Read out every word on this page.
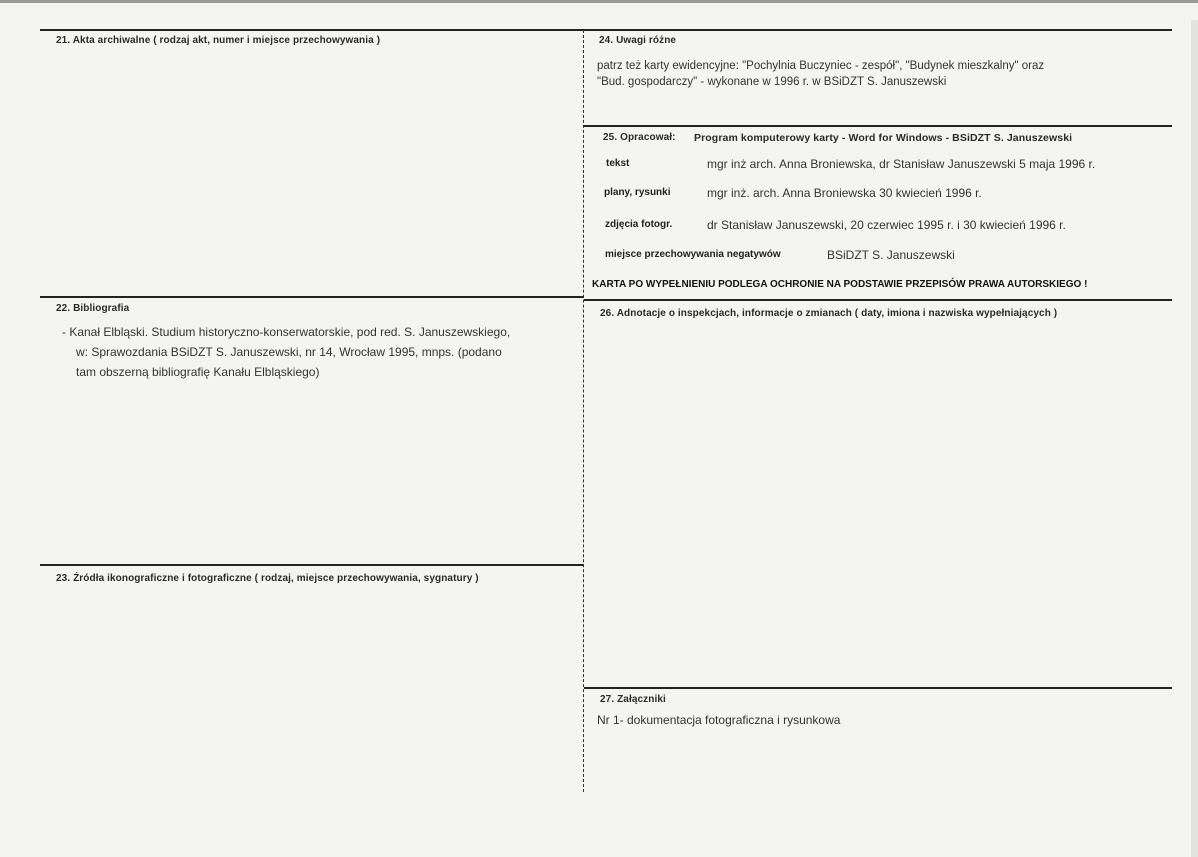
21. Akta archiwalne ( rodzaj akt, numer i miejsce przechowywania )
22. Bibliografia
- Kanał Elbląski. Studium historyczno-konserwatorskie, pod red. S. Januszewskiego,
w: Sprawozdania BSiDZT S. Januszewski, nr 14, Wrocław 1995, mnps. (podano
tam obszerną bibliografię Kanału Elbląskiego)
23. Źródła ikonograficzne i fotograficzne ( rodzaj, miejsce przechowywania, sygnatury )
24. Uwagi różne
patrz też karty ewidencyjne: "Pochylnia Buczyniec - zespół", "Budynek mieszkalny" oraz
"Bud. gospodarczy" - wykonane w 1996 r. w BSiDZT S. Januszewski
25. Opracował: Program komputerowy karty - Word for Windows - BSiDZT S. Januszewski
tekst	mgr inż arch. Anna Broniewska, dr Stanisław Januszewski 5 maja 1996 r.
plany, rysunki	mgr inż. arch. Anna Broniewska 30 kwiecień 1996 r.
zdjęcia fotogr.	dr Stanisław Januszewski, 20 czerwiec 1995 r. i 30 kwiecień 1996 r.
miejsce przechowywania negatywów	BSiDZT S. Januszewski
KARTA PO WYPEŁNIENIU PODLEGA OCHRONIE NA PODSTAWIE PRZEPISÓW PRAWA AUTORSKIEGO !
26. Adnotacje o inspekcjach, informacje o zmianach ( daty, imiona i nazwiska wypełniających )
27. Załączniki
Nr 1- dokumentacja fotograficzna i rysunkowa
